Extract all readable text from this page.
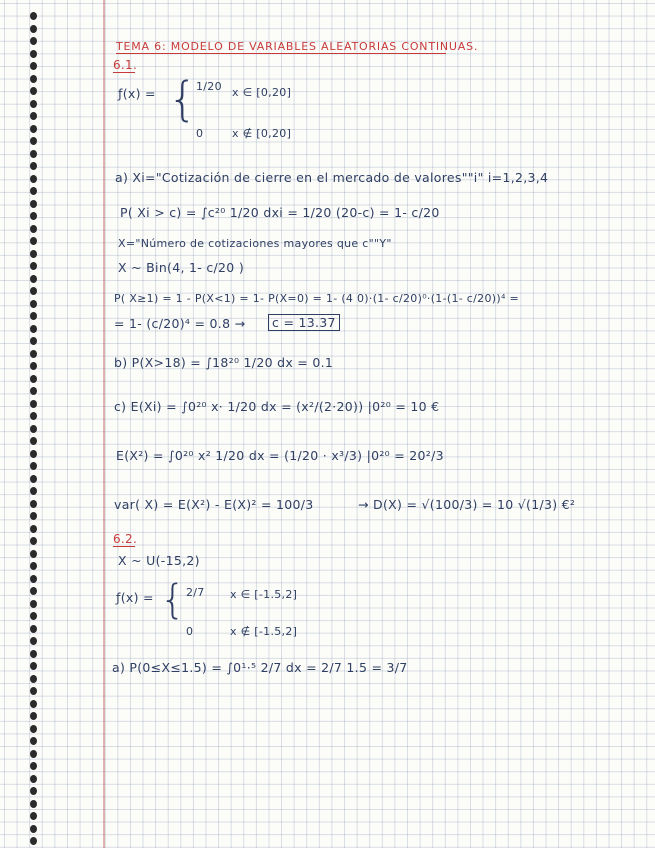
TEMA 6: MODELO DE VARIABLES ALEATORIAS CONTINUAS.
6.1.
ƒ(x) = {
1/20 x ∈ [0,20]
0	x ∉ [0,20]
a) Xi="Cotización de cierre en el mercado de valores""i" i=1,2,3,4
P( Xi > c) = ∫c²⁰ 1/20 dxi = 1/20 (20-c) = 1- c/20
X="Número de cotizaciones mayores que c""Y"
X ~ Bin(4, 1- c/20 )
P( X≥1) = 1 - P(X<1) = 1- P(X=0) = 1- (4 0)·(1- c/20)⁰·(1-(1- c/20))⁴ =
= 1- (c/20)⁴ = 0.8 →	c = 13.37
b) P(X>18) = ∫18²⁰ 1/20 dx = 0.1
c) E(Xi) = ∫0²⁰ x· 1/20 dx = (x²/(2·20)) |0²⁰ = 10 €
E(X²) = ∫0²⁰ x² 1/20 dx = (1/20 · x³/3) |0²⁰ = 20²/3
var( X) = E(X²) - E(X)² = 100/3	→ D(X) = √(100/3) = 10 √(1/3) €²
6.2.
X ~ U(-15,2)
ƒ(x) = { 2/7 x ∈ [-1.5,2]
0	x ∉ [-1.5,2]
a) P(0≤X≤1.5) = ∫0¹·⁵ 2/7 dx = 2/7 1.5 = 3/7
